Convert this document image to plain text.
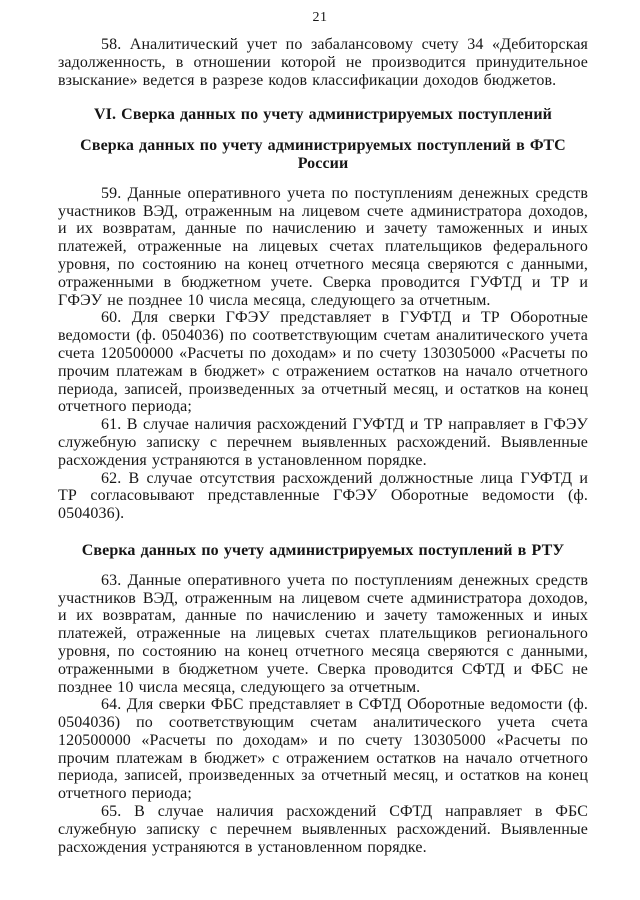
21

58. Аналитический учет по забалансовому счету 34 «Дебиторская задолженность, в отношении которой не производится принудительное взыскание» ведется в разрезе кодов классификации доходов бюджетов.

VI. Сверка данных по учету администрируемых поступлений

Сверка данных по учету администрируемых поступлений в ФТС России

59. Данные оперативного учета по поступлениям денежных средств участников ВЭД, отраженным на лицевом счете администратора доходов, и их возвратам, данные по начислению и зачету таможенных и иных платежей, отраженные на лицевых счетах плательщиков федерального уровня, по состоянию на конец отчетного месяца сверяются с данными, отраженными в бюджетном учете. Сверка проводится ГУФТД и ТР и ГФЭУ не позднее 10 числа месяца, следующего за отчетным.

60. Для сверки ГФЭУ представляет в ГУФТД и ТР Оборотные ведомости (ф. 0504036) по соответствующим счетам аналитического учета счета 120500000 «Расчеты по доходам» и по счету 130305000 «Расчеты по прочим платежам в бюджет» с отражением остатков на начало отчетного периода, записей, произведенных за отчетный месяц, и остатков на конец отчетного периода;

61. В случае наличия расхождений ГУФТД и ТР направляет в ГФЭУ служебную записку с перечнем выявленных расхождений. Выявленные расхождения устраняются в установленном порядке.

62. В случае отсутствия расхождений должностные лица ГУФТД и ТР согласовывают представленные ГФЭУ Оборотные ведомости (ф. 0504036).

Сверка данных по учету администрируемых поступлений в РТУ

63. Данные оперативного учета по поступлениям денежных средств участников ВЭД, отраженным на лицевом счете администратора доходов, и их возвратам, данные по начислению и зачету таможенных и иных платежей, отраженные на лицевых счетах плательщиков регионального уровня, по состоянию на конец отчетного месяца сверяются с данными, отраженными в бюджетном учете. Сверка проводится СФТД и ФБС не позднее 10 числа месяца, следующего за отчетным.

64. Для сверки ФБС представляет в СФТД Оборотные ведомости (ф. 0504036) по соответствующим счетам аналитического учета счета 120500000 «Расчеты по доходам» и по счету 130305000 «Расчеты по прочим платежам в бюджет» с отражением остатков на начало отчетного периода, записей, произведенных за отчетный месяц, и остатков на конец отчетного периода;

65. В случае наличия расхождений СФТД направляет в ФБС служебную записку с перечнем выявленных расхождений. Выявленные расхождения устраняются в установленном порядке.
